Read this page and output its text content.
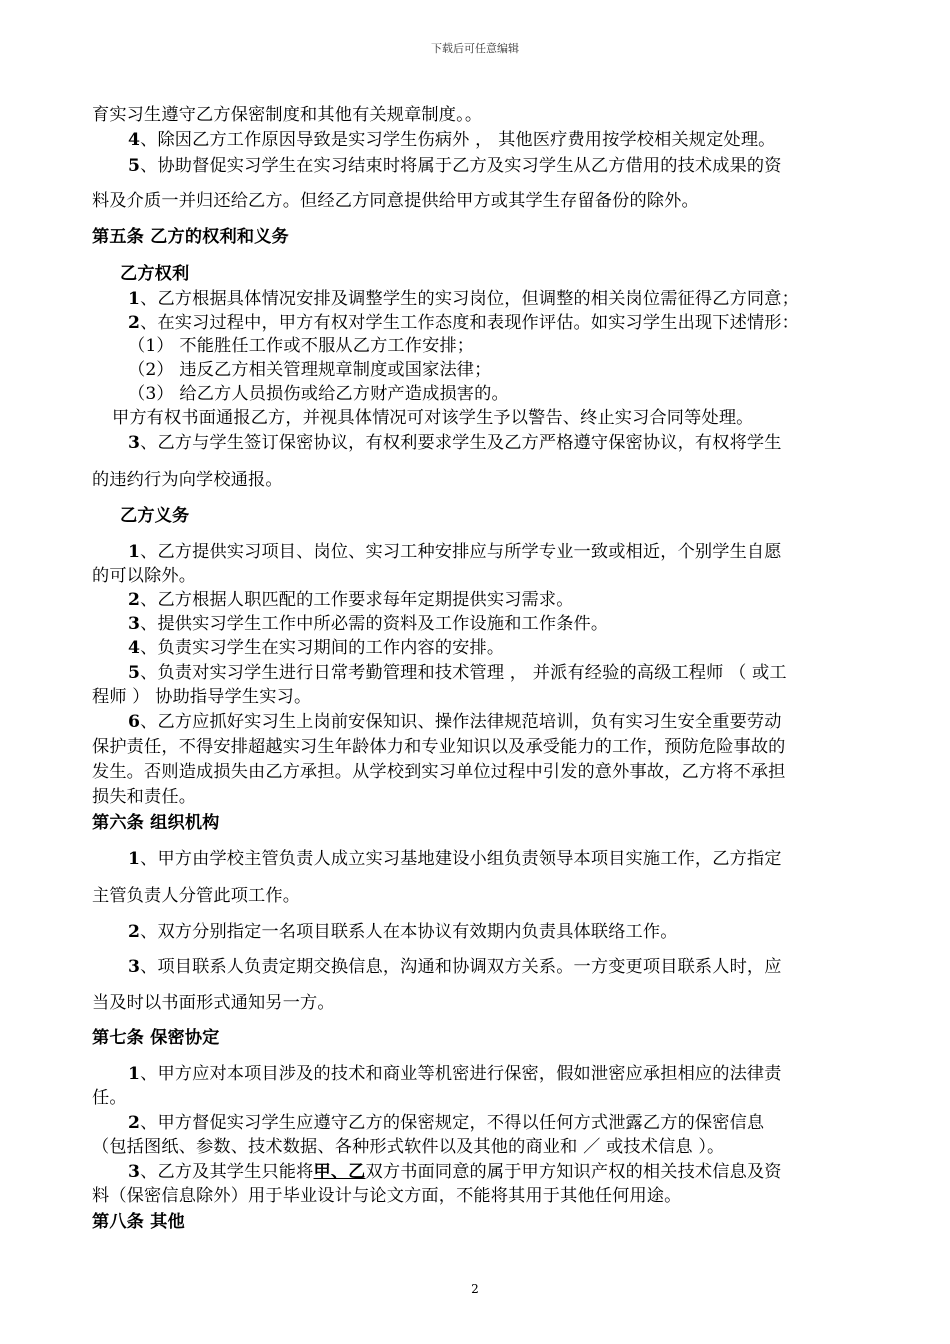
下载后可任意编辑
育实习生遵守乙方保密制度和其他有关规章制度。。
4、除因乙方工作原因导致是实习学生伤病外 ， 其他医疗费用按学校相关规定处理。
5、协助督促实习学生在实习结束时将属于乙方及实习学生从乙方借用的技术成果的资
料及介质一并归还给乙方。但经乙方同意提供给甲方或其学生存留备份的除外。
第五条 乙方的权利和义务
乙方权利
1、乙方根据具体情况安排及调整学生的实习岗位，但调整的相关岗位需征得乙方同意；
2、在实习过程中，甲方有权对学生工作态度和表现作评估。如实习学生出现下述情形：
（1） 不能胜任工作或不服从乙方工作安排；
（2） 违反乙方相关管理规章制度或国家法律；
（3） 给乙方人员损伤或给乙方财产造成损害的。
甲方有权书面通报乙方，并视具体情况可对该学生予以警告、终止实习合同等处理。
3、乙方与学生签订保密协议，有权利要求学生及乙方严格遵守保密协议，有权将学生
的违约行为向学校通报。
乙方义务
1、乙方提供实习项目、岗位、实习工种安排应与所学专业一致或相近，个别学生自愿
的可以除外。
2、乙方根据人职匹配的工作要求每年定期提供实习需求。
3、提供实习学生工作中所必需的资料及工作设施和工作条件。
4、负责实习学生在实习期间的工作内容的安排。
5、负责对实习学生进行日常考勤管理和技术管理 ， 并派有经验的高级工程师 （ 或工
程师 ） 协助指导学生实习。
6、乙方应抓好实习生上岗前安保知识、操作法律规范培训，负有实习生安全重要劳动
保护责任，不得安排超越实习生年龄体力和专业知识以及承受能力的工作，预防危险事故的
发生。否则造成损失由乙方承担。从学校到实习单位过程中引发的意外事故，乙方将不承担
损失和责任。
第六条 组织机构
1、甲方由学校主管负责人成立实习基地建设小组负责领导本项目实施工作，乙方指定
主管负责人分管此项工作。
2、双方分别指定一名项目联系人在本协议有效期内负责具体联络工作。
3、项目联系人负责定期交换信息，沟通和协调双方关系。一方变更项目联系人时，应
当及时以书面形式通知另一方。
第七条 保密协定
1、甲方应对本项目涉及的技术和商业等机密进行保密，假如泄密应承担相应的法律责
任。
2、甲方督促实习学生应遵守乙方的保密规定，不得以任何方式泄露乙方的保密信息
（包括图纸、参数、技术数据、各种形式软件以及其他的商业和 ／ 或技术信息 ）。
3、乙方及其学生只能将甲、乙双方书面同意的属于甲方知识产权的相关技术信息及资
料（保密信息除外）用于毕业设计与论文方面，不能将其用于其他任何用途。
第八条 其他
2
